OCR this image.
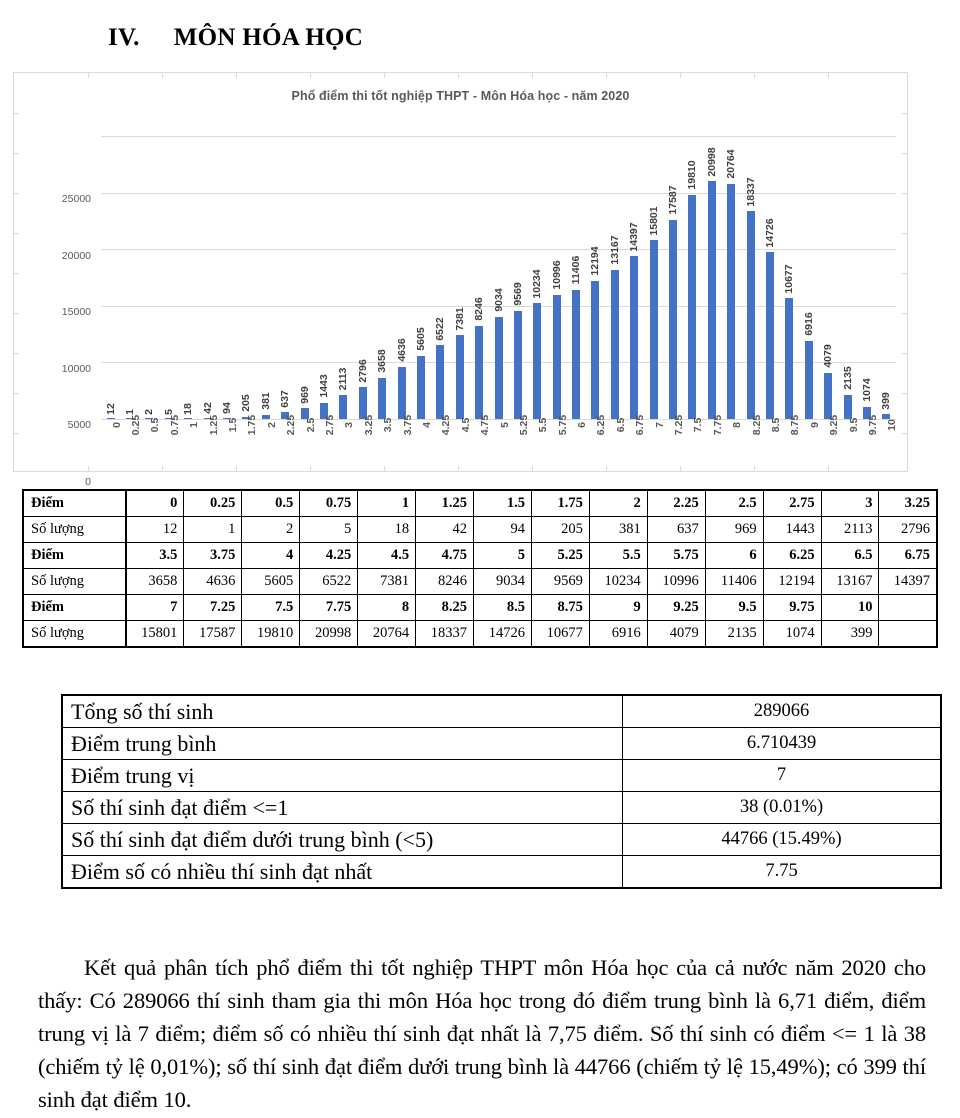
IV. MÔN HÓA HỌC
Phổ điểm thi tốt nghiệp THPT - Môn Hóa học - năm 2020
0
5000
10000
15000
20000
25000
12 1 2 5 18 42 94 205 381 637 969 1443 2113 2796 3658 4636 5605 6522 7381 8246 9034 9569 10234 10996 11406 12194 13167 14397
15801
17587
19810 20998 20764
18337
14726
10677
6916
4079
2135
1074 399
0 0.25 0.5 0.75 1 1.25 1.5 1.75 2 2.25 2.5 2.75 3 3.25 3.5 3.75 4 4.25 4.5 4.75 5 5.25 5.5 5.75 6 6.25 6.5 6.75 7 7.25 7.5 7.75 8 8.25 8.5 8.75 9 9.25 9.5 9.75 10
Điểm	0	0.25	0.5	0.75	1	1.25	1.5	1.75	2	2.25	2.5	2.75	3	3.25
Số lượng	12	1	2	5	18	42	94	205	381	637	969	1443	2113	2796
Điểm	3.5	3.75	4	4.25	4.5	4.75	5	5.25	5.5	5.75	6	6.25	6.5	6.75
Số lượng	3658	4636	5605	6522	7381	8246	9034	9569	10234	10996	11406	12194	13167	14397
Điểm	7	7.25	7.5	7.75	8	8.25	8.5	8.75	9	9.25	9.5	9.75	10	
Số lượng	15801	17587	19810	20998	20764	18337	14726	10677	6916	4079	2135	1074	399	
Tổng số thí sinh	289066
Điểm trung bình	6.710439
Điểm trung vị	7
Số thí sinh đạt điểm <=1	38 (0.01%)
Số thí sinh đạt điểm dưới trung bình (<5)	44766 (15.49%)
Điểm số có nhiều thí sinh đạt nhất	7.75

Kết quả phân tích phổ điểm thi tốt nghiệp THPT môn Hóa học của cả nước năm 2020 cho thấy: Có 289066 thí sinh tham gia thi môn Hóa học trong đó điểm trung bình là 6,71 điểm, điểm trung vị là 7 điểm; điểm số có nhiều thí sinh đạt nhất là 7,75 điểm. Số thí sinh có điểm <= 1 là 38 (chiếm tỷ lệ 0,01%); số thí sinh đạt điểm dưới trung bình là 44766 (chiếm tỷ lệ 15,49%); có 399 thí sinh đạt điểm 10.
